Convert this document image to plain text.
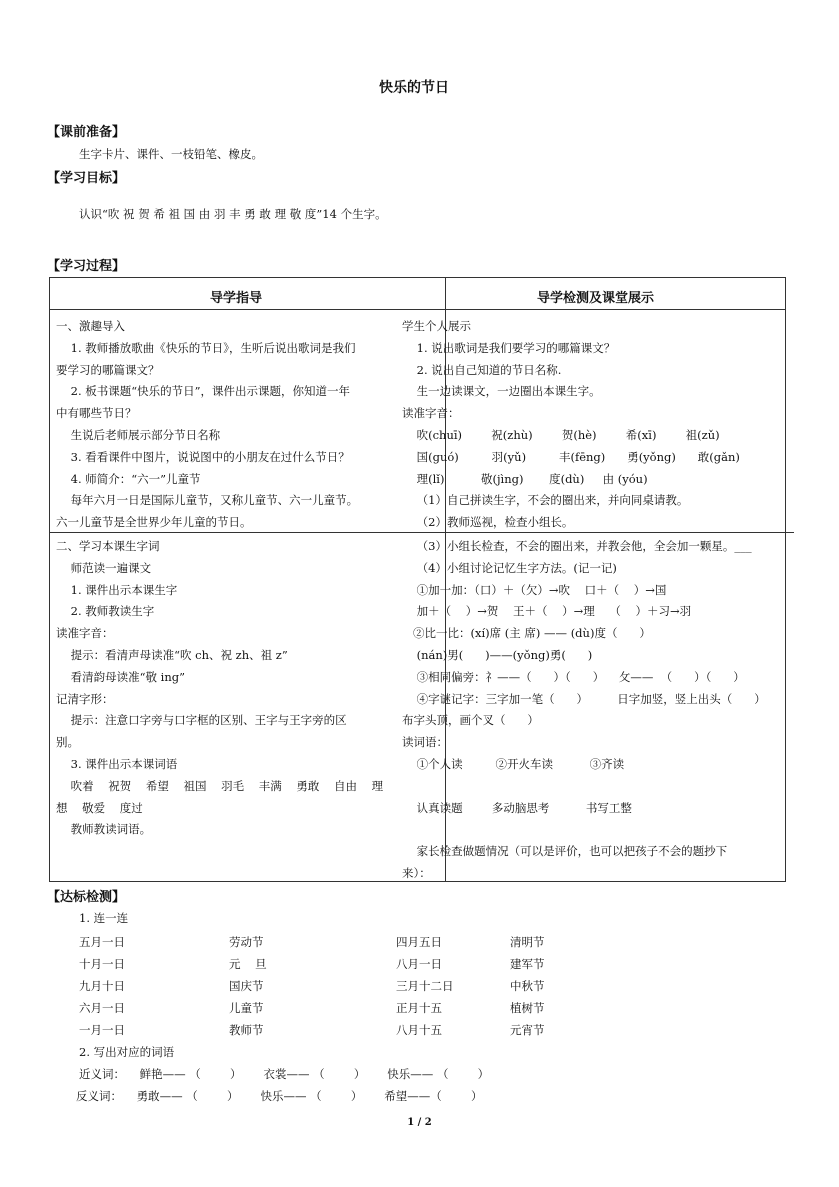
快乐的节日
【课前准备】
生字卡片、课件、一枝铅笔、橡皮。
【学习目标】
认识“吹 祝 贺 希 祖 国 由 羽 丰 勇 敢 理 敬 度”14 个生字。
【学习过程】
导学指导	导学检测及课堂展示
一、激趣导入
1. 教师播放歌曲《快乐的节日》，生听后说出歌词是我们
要学习的哪篇课文？
2. 板书课题“快乐的节日”，课件出示课题，你知道一年
中有哪些节日？
生说后老师展示部分节日名称
3. 看看课件中图片，说说图中的小朋友在过什么节日？
4. 师简介：“六一”儿童节
每年六月一日是国际儿童节，又称儿童节、六一儿童节。
六一儿童节是全世界少年儿童的节日。
二、学习本课生字词
师范读一遍课文
1. 课件出示本课生字
2. 教师教读生字
读准字音：
提示：看清声母读准“吹 ch、祝 zh、祖 z”
看清韵母读准“敬 ing”
记清字形：
提示：注意口字旁与口字框的区别、王字与王字旁的区
别。
3. 课件出示本课词语
吹着    祝贺    希望    祖国    羽毛    丰满    勇敢    自由    理
想    敬爱    度过
教师教读词语。
学生个人展示
1. 说出歌词是我们要学习的哪篇课文？
2. 说出自己知道的节日名称.
生一边读课文，一边圈出本课生字。
读准字音：
吹(chuī)        祝(zhù)        贺(hè)        希(xī)        祖(zǔ)
国(guó)         羽(yǔ)         丰(fēng)      勇(yǒng)      敢(gǎn)
理(lǐ)          敬(jìng)       度(dù)     由 (yóu)
（1）自己拼读生字，不会的圈出来，并向同桌请教。
（2）教师巡视，检查小组长。
（3）小组长检查，不会的圈出来，并教会他，全会加一颗星。___
（4）小组讨论记忆生字方法。(记一记)
①加一加：（口）＋（欠）→吹    口＋（    ）→国
加＋（    ）→贺    王＋（    ）→理    （    ）＋习→羽
②比一比：(xí)席 (主 席) —— (dù)度（      ）
(nán)男(      )——(yǒng)勇(      )
③相同偏旁：礻——（      ）（      ）    攵——  （      ）（      ）
④字谜记字：三字加一笔（      ）        日字加竖，竖上出头（      ）
布字头顶，画个叉（      ）
读词语：
①个人读         ②开火车读          ③齐读
认真读题        多动脑思考          书写工整
家长检查做题情况（可以是评价，也可以把孩子不会的题抄下
来）：
【达标检测】
1. 连一连
五月一日	劳动节	四月五日	清明节
十月一日	元    旦	八月一日	建军节
九月十日	国庆节	三月十二日	中秋节
六月一日	儿童节	正月十五	植树节
一月一日	教师节	八月十五	元宵节
2. 写出对应的词语
近义词：    鲜艳—— （        ）      衣裳—— （        ）      快乐—— （        ）
反义词：    勇敢—— （        ）      快乐—— （        ）      希望——（        ）
1 / 2
